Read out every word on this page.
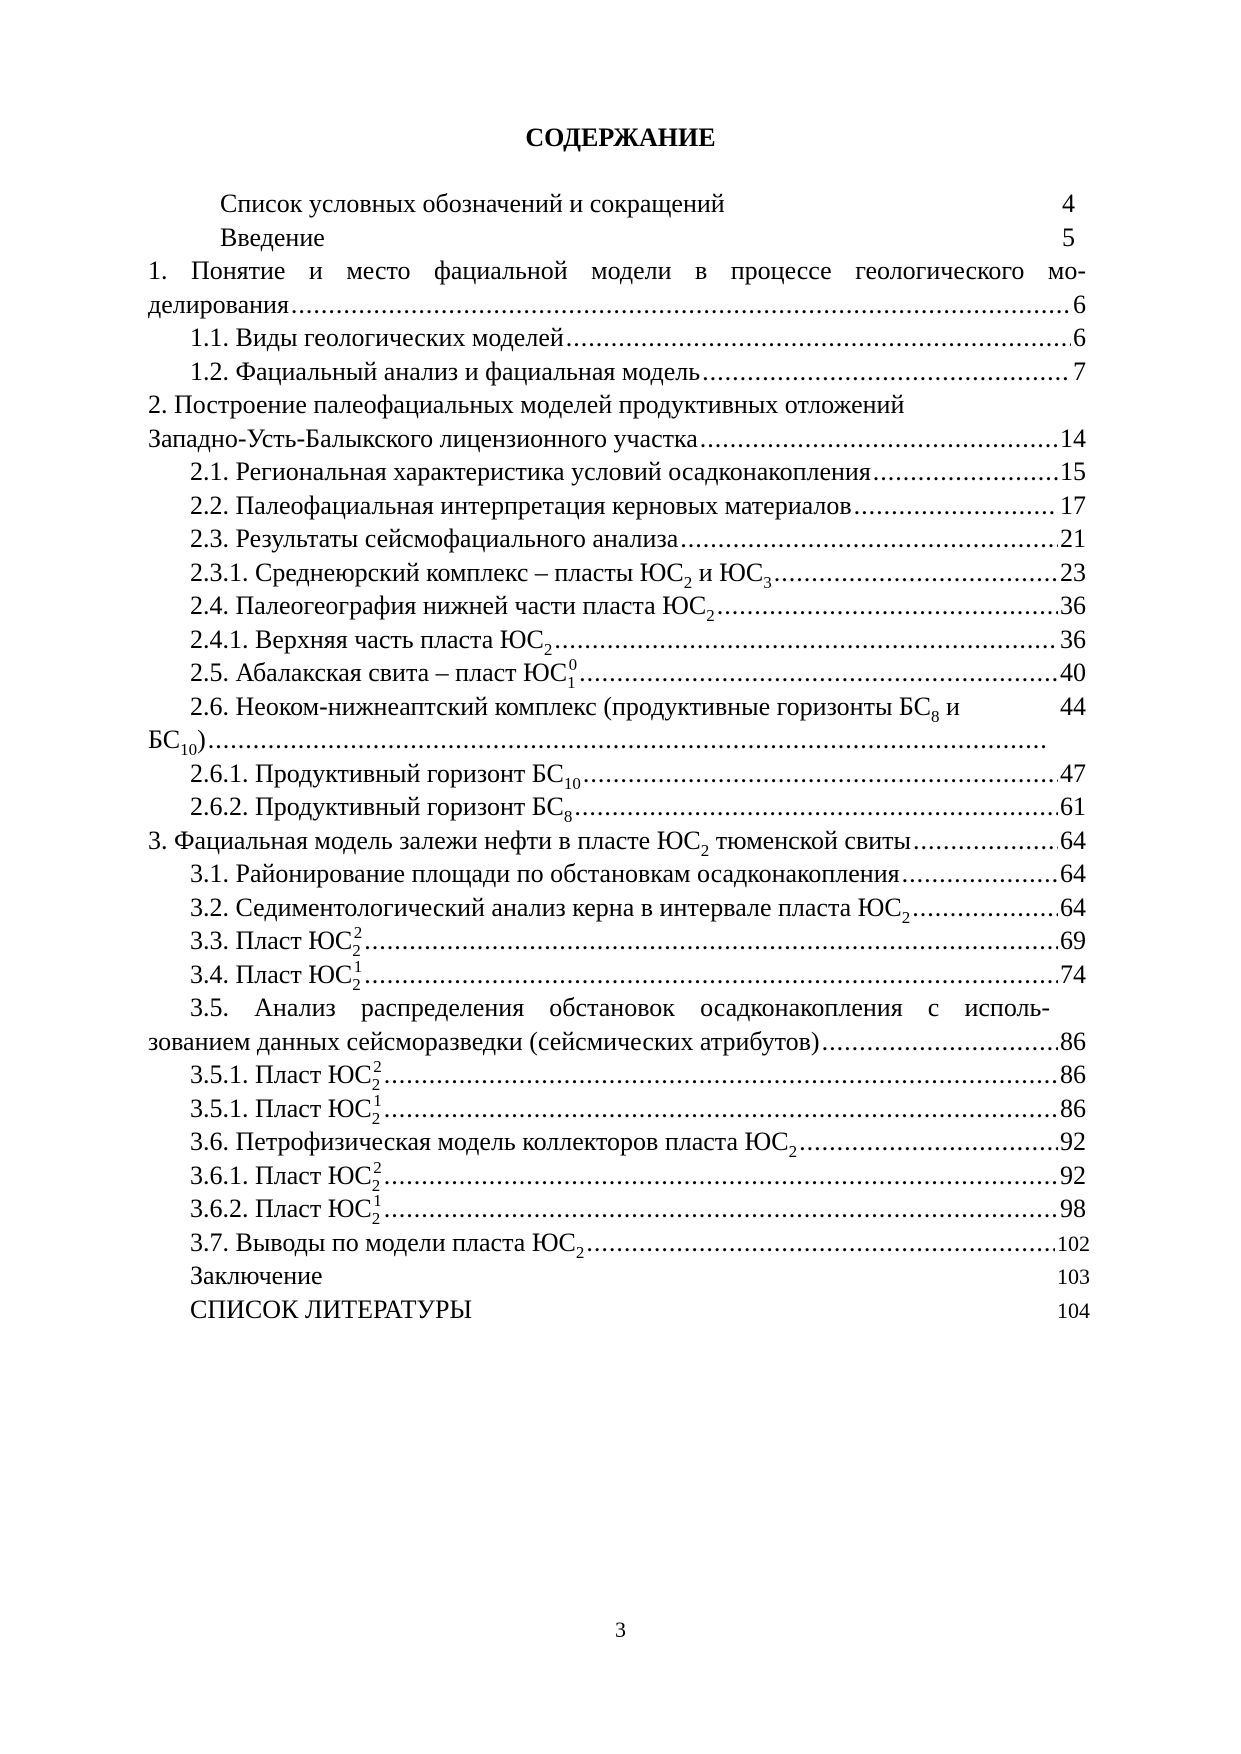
СОДЕРЖАНИЕ
Список условных обозначений и сокращений	4
Введение	5
1. Понятие и место фациальной модели в процессе геологического мо-
делирования .....	6
1.1. Виды геологических моделей .....	6
1.2. Фациальный анализ и фациальная модель .....	7
2. Построение палеофациальных моделей продуктивных отложений
Западно-Усть-Балыкского лицензионного участка .....	14
2.1. Региональная характеристика условий осадконакопления .....	15
2.2. Палеофациальная интерпретация керновых материалов .....	17
2.3. Результаты сейсмофациального анализа .....	21
2.3.1. Среднеюрский комплекс – пласты $ЮС_2$ и $ЮС_3$ .....	23
2.4. Палеогеография нижней части пласта $ЮС_2$ .....	36
2.4.1. Верхняя часть пласта $ЮС_2$ .....	36
2.5. Абалакская свита – пласт $ЮС_1^0$ .....	40
2.6. Неоком-нижнеаптский комплекс (продуктивные горизонты $БС_8$ и	44
$БС_{10}$)
.....
2.6.1. Продуктивный горизонт $БС_{10}$ .....	47
2.6.2. Продуктивный горизонт $БС_8$ .....	61
3. Фациальная модель залежи нефти в пласте $ЮС_2$ тюменской свиты .....	64
3.1. Районирование площади по обстановкам осадконакопления .....	64
3.2. Седиментологический анализ керна в интервале пласта $ЮС_2$ .....	64
3.3. Пласт $ЮС_2^2$ .....	69
3.4. Пласт $ЮС_2^1$ .....	74
3.5. Анализ распределения обстановок осадконакопления с исполь-
зованием данных сейсморазведки (сейсмических атрибутов) .....	86
3.5.1. Пласт $ЮС_2^2$ .....	86
3.5.1. Пласт $ЮС_2^1$ .....	86
3.6. Петрофизическая модель коллекторов пласта $ЮС_2$ .....	92
3.6.1. Пласт $ЮС_2^2$ .....	92
3.6.2. Пласт $ЮС_2^1$ .....	98
3.7. Выводы по модели пласта $ЮС_2$ .....	102
Заключение	103
СПИСОК ЛИТЕРАТУРЫ	104
3
